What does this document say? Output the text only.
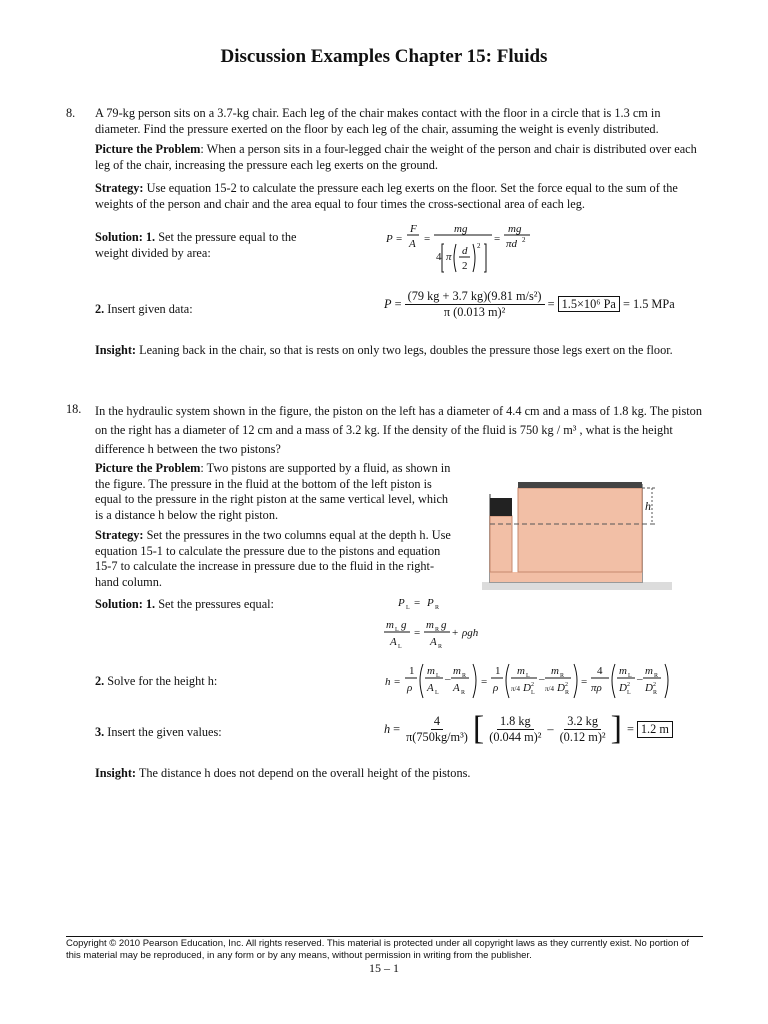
Discussion Examples Chapter 15: Fluids
8. A 79-kg person sits on a 3.7-kg chair. Each leg of the chair makes contact with the floor in a circle that is 1.3 cm in diameter. Find the pressure exerted on the floor by each leg of the chair, assuming the weight is evenly distributed.
Picture the Problem: When a person sits in a four-legged chair the weight of the person and chair is distributed over each leg of the chair, increasing the pressure each leg exerts on the ground.
Strategy: Use equation 15-2 to calculate the pressure each leg exerts on the floor. Set the force equal to the sum of the weights of the person and chair and the area equal to four times the cross-sectional area of each leg.
Solution: 1. Set the pressure equal to the weight divided by area:
P =
F
A =
mg
4 π d
2
2
=
mg
πd 2
2. Insert given data:	$P = \frac{\text{(79 kg + 3.7 kg)(9.81 m/s²)}}{\text{π (0.013 m)²}} = 1.5\times 10^6$ Pa = 1.5 MPa
Insight: Leaning back in the chair, so that is rests on only two legs, doubles the pressure those legs exert on the floor.
18. In the hydraulic system shown in the figure, the piston on the left has a diameter of 4.4 cm and a mass of 1.8 kg. The piston on the right has a diameter of 12 cm and a mass of 3.2 kg. If the density of the fluid is 750 kg / m³ , what is the height difference h between the two pistons?
Picture the Problem: Two pistons are supported by a fluid, as shown in the figure. The pressure in the fluid at the bottom of the left piston is equal to the pressure in the right piston at the same vertical level, which is a distance h below the right piston.
Strategy: Set the pressures in the two columns equal at the depth h. Use equation 15-1 to calculate the pressure due to the pistons and equation 15-7 to calculate the increase in pressure due to the fluid in the right-hand column.
h
Solution: 1. Set the pressures equal:	P L = P R
m L g
A L
=
m R g
A R
+ ρgh
2. Solve for the height h:	h =
1
ρ
m L
A L
–
m R
A R
=
1
ρ
m L
π/4 D L
2 –
m R
π/4 D R
2 =
4
πρ
m L
D L
2 –
m R
D R
2
3. Insert the given values:	$h = \frac{4}{\text{π(750kg/m³)}}$ [ $\frac{1.8 kg}{\text{(0.044 m)²}} - \frac{3.2 kg}{\text{(0.12 m)²}}$ ] = 1.2 m
Insight: The distance h does not depend on the overall height of the pistons.
Copyright © 2010 Pearson Education, Inc. All rights reserved. This material is protected under all copyright laws as they currently exist. No portion of this material may be reproduced, in any form or by any means, without permission in writing from the publisher.
15 – 1
